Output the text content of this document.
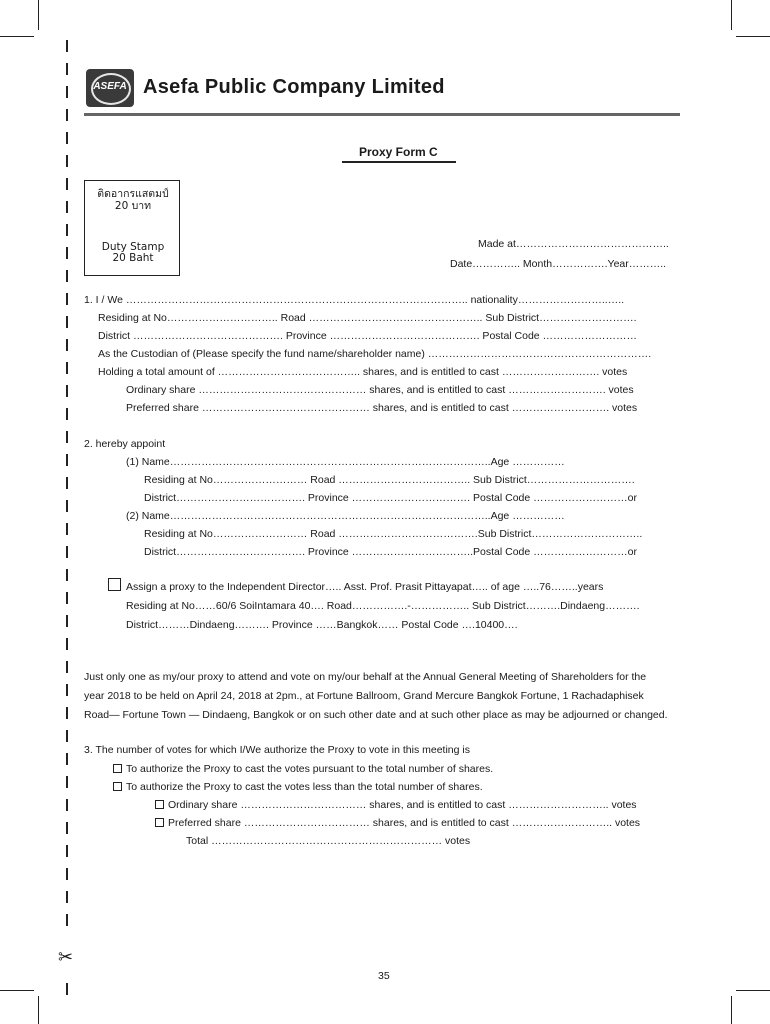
✂
ASEFA Asefa Public Company Limited
Proxy Form C
ติดอากรแสตมป์
20 บาท
Duty Stamp
20 Baht
Made at……………………………………..
Date………….. Month…………….Year………..
1. I / We …………………………………………………………………………………….. nationality……………………..…..
Residing at No………………………….. Road ………………………………………….. Sub District……………………….
District ……………………………………. Province ……………………………………. Postal Code ………………………
As the Custodian of (Please specify the fund name/shareholder name) ……………………………………………………….
Holding a total amount of ………………………………….. shares, and is entitled to cast ………………………. votes
Ordinary share ………………………………………… shares, and is entitled to cast ………………………. votes
Preferred share ………………………………………… shares, and is entitled to cast ………………………. votes
2. hereby appoint
(1) Name………………………………………………………………………………..Age ……………
Residing at No……………………… Road ……………………………….. Sub District………………………….
District………………………………. Province ……………………………. Postal Code ………………………or
(2) Name………………………………………………………………………………..Age ……………
Residing at No……………………… Road ………………………………….Sub District…………………………..
District………………………………. Province ……………………………..Postal Code ………………………or
Assign a proxy to the Independent Director….. Asst. Prof. Prasit Pittayapat….. of age …..76……..years
Residing at No……60/6 SoiIntamara 40…. Road…………….-…………….. Sub District……….Dindaeng……….
District………Dindaeng………. Province ……Bangkok…… Postal Code ….10400….
Just only one as my/our proxy to attend and vote on my/our behalf at the Annual General Meeting of Shareholders for the
year 2018 to be held on April 24, 2018 at 2pm., at Fortune Ballroom, Grand Mercure Bangkok Fortune, 1 Rachadaphisek
Road— Fortune Town — Dindaeng, Bangkok or on such other date and at such other place as may be adjourned or changed.
3. The number of votes for which I/We authorize the Proxy to vote in this meeting is
To authorize the Proxy to cast the votes pursuant to the total number of shares.
To authorize the Proxy to cast the votes less than the total number of shares.
Ordinary share ……………………………… shares, and is entitled to cast ……………………….. votes
Preferred share ……………………………… shares, and is entitled to cast ……………………….. votes
Total ………………………………………………………… votes
35
